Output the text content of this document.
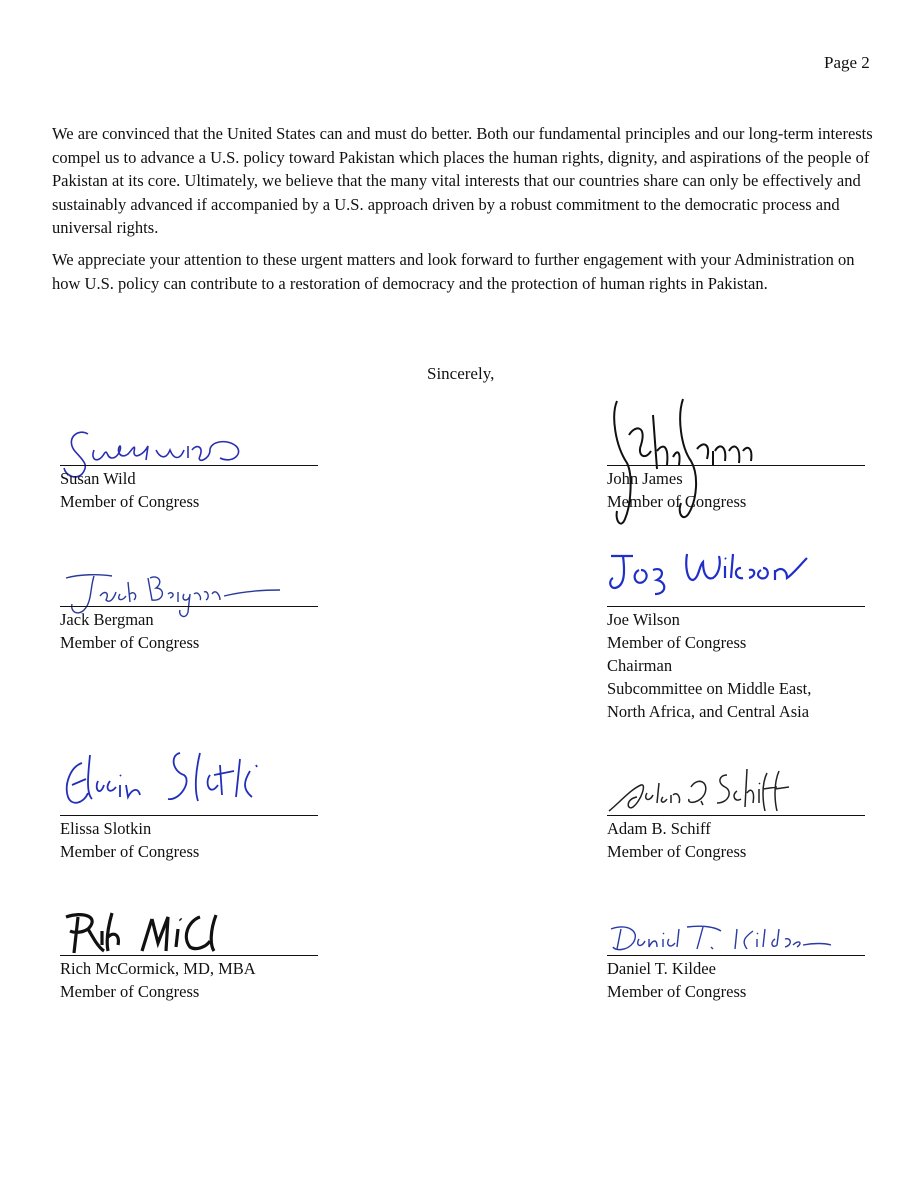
Page 2

We are convinced that the United States can and must do better. Both our fundamental principles and our long-term interests compel us to advance a U.S. policy toward Pakistan which places the human rights, dignity, and aspirations of the people of Pakistan at its core. Ultimately, we believe that the many vital interests that our countries share can only be effectively and sustainably advanced if accompanied by a U.S. approach driven by a robust commitment to the democratic process and universal rights.

We appreciate your attention to these urgent matters and look forward to further engagement with your Administration on how U.S. policy can contribute to a restoration of democracy and the protection of human rights in Pakistan.

Sincerely,
Susan Wild
Member of Congress
John James
Member of Congress
Jack Bergman
Member of Congress
Joe Wilson
Member of Congress
Chairman
Subcommittee on Middle East,
North Africa, and Central Asia
Elissa Slotkin
Member of Congress
Adam B. Schiff
Member of Congress
Rich McCormick, MD, MBA
Member of Congress
Daniel T. Kildee
Member of Congress
